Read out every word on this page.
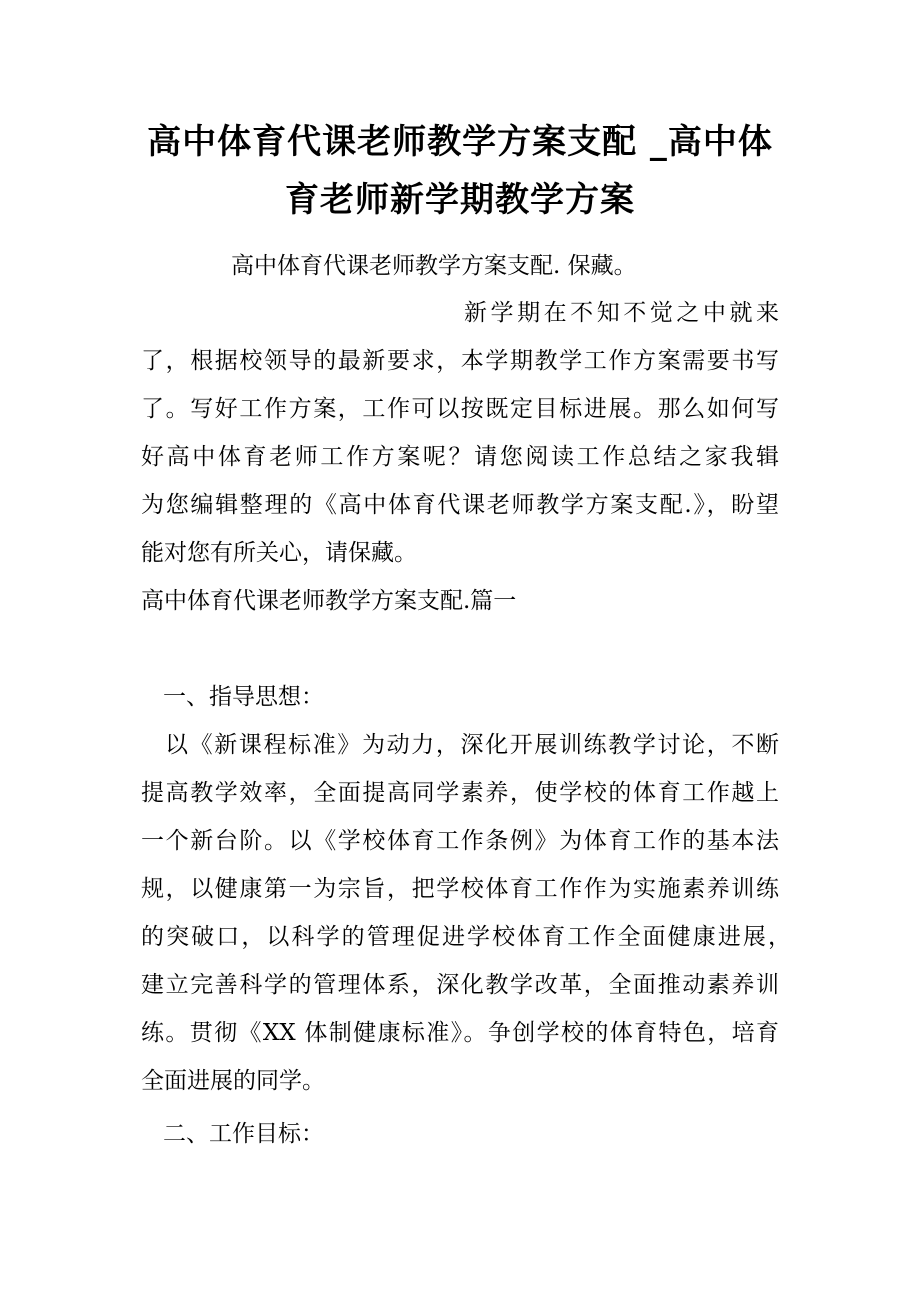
高中体育代课老师教学方案支配 _高中体
育老师新学期教学方案
高中体育代课老师教学方案支配. 保藏。
新学期在不知不觉之中就来
了，根据校领导的最新要求，本学期教学工作方案需要书写
了。写好工作方案，工作可以按既定目标进展。那么如何写
好高中体育老师工作方案呢？请您阅读工作总结之家我辑
为您编辑整理的《高中体育代课老师教学方案支配.》，盼望
能对您有所关心，请保藏。
高中体育代课老师教学方案支配.篇一
一、指导思想：
以《新课程标准》为动力，深化开展训练教学讨论，不断
提高教学效率，全面提高同学素养，使学校的体育工作越上
一个新台阶。以《学校体育工作条例》为体育工作的基本法
规，以健康第一为宗旨，把学校体育工作作为实施素养训练
的突破口，以科学的管理促进学校体育工作全面健康进展，
建立完善科学的管理体系，深化教学改革，全面推动素养训
练。贯彻《XX 体制健康标准》。争创学校的体育特色，培育
全面进展的同学。
二、工作目标：
